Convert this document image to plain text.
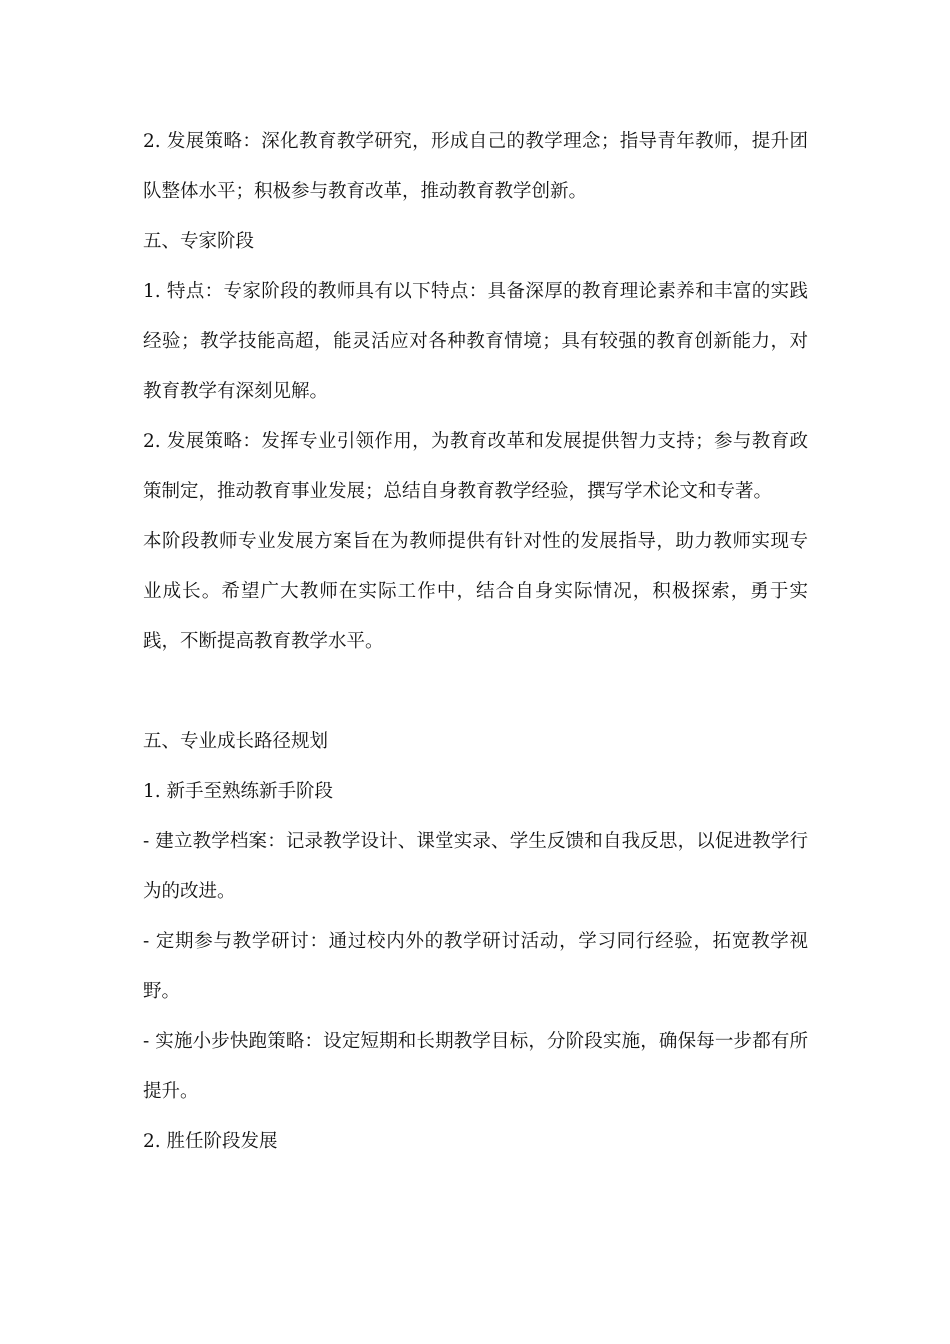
2. 发展策略：深化教育教学研究，形成自己的教学理念；指导青年教师，提升团队整体水平；积极参与教育改革，推动教育教学创新。

五、专家阶段

1. 特点：专家阶段的教师具有以下特点：具备深厚的教育理论素养和丰富的实践经验；教学技能高超，能灵活应对各种教育情境；具有较强的教育创新能力，对教育教学有深刻见解。

2. 发展策略：发挥专业引领作用，为教育改革和发展提供智力支持；参与教育政策制定，推动教育事业发展；总结自身教育教学经验，撰写学术论文和专著。

本阶段教师专业发展方案旨在为教师提供有针对性的发展指导，助力教师实现专业成长。希望广大教师在实际工作中，结合自身实际情况，积极探索，勇于实践，不断提高教育教学水平。

五、专业成长路径规划

1. 新手至熟练新手阶段

- 建立教学档案：记录教学设计、课堂实录、学生反馈和自我反思，以促进教学行为的改进。

- 定期参与教学研讨：通过校内外的教学研讨活动，学习同行经验，拓宽教学视野。

- 实施小步快跑策略：设定短期和长期教学目标，分阶段实施，确保每一步都有所提升。

2. 胜任阶段发展
